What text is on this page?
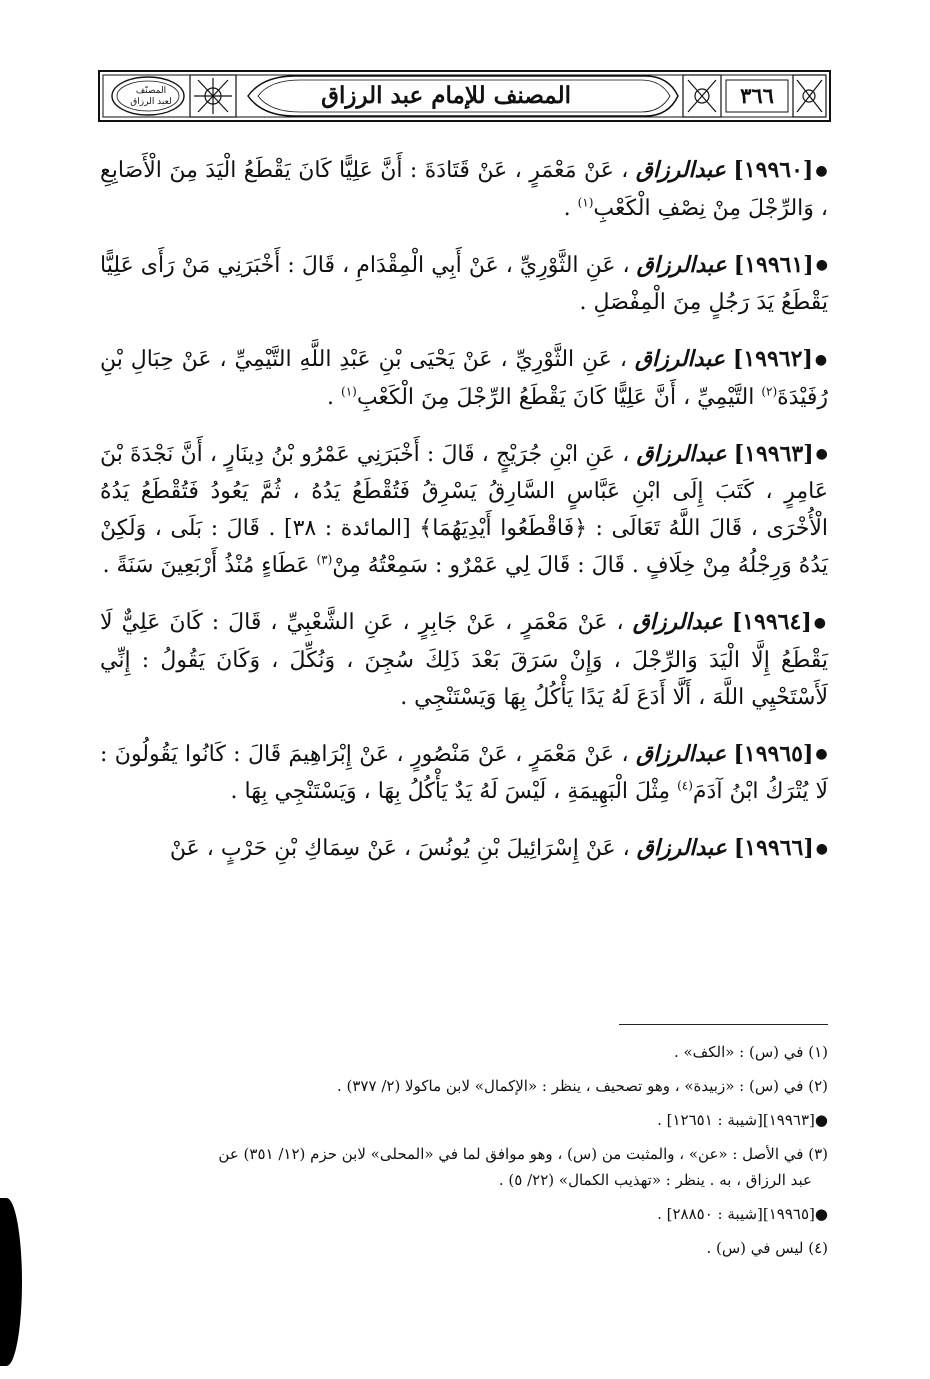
المصنّف
لعبد الرزاق	المصنف للإمام عبد الرزاق	٣٦٦

●[١٩٩٦٠] عبدالرزاق ، عَنْ مَعْمَرٍ ، عَنْ قَتَادَةَ : أَنَّ عَلِيًّا كَانَ يَقْطَعُ الْيَدَ مِنَ الْأَصَابِعِ ، وَالرِّجْلَ مِنْ نِصْفِ الْكَعْبِ$^{(١)}$ .

●[١٩٩٦١] عبدالرزاق ، عَنِ الثَّوْرِيِّ ، عَنْ أَبِي الْمِقْدَامِ ، قَالَ : أَخْبَرَنِي مَنْ رَأَى عَلِيًّا يَقْطَعُ يَدَ رَجُلٍ مِنَ الْمِفْصَلِ .

●[١٩٩٦٢] عبدالرزاق ، عَنِ الثَّوْرِيِّ ، عَنْ يَحْيَى بْنِ عَبْدِ اللَّهِ التَّيْمِيِّ ، عَنْ حِبَالِ بْنِ رُفَيْدَةَ$^{(٢)}$ التَّيْمِيِّ ، أَنَّ عَلِيًّا كَانَ يَقْطَعُ الرِّجْلَ مِنَ الْكَعْبِ$^{(١)}$ .

●[١٩٩٦٣] عبدالرزاق ، عَنِ ابْنِ جُرَيْجٍ ، قَالَ : أَخْبَرَنِي عَمْرُو بْنُ دِينَارٍ ، أَنَّ نَجْدَةَ بْنَ عَامِرٍ ، كَتَبَ إِلَى ابْنِ عَبَّاسٍ السَّارِقُ يَسْرِقُ فَتُقْطَعُ يَدُهُ ، ثُمَّ يَعُودُ فَتُقْطَعُ يَدُهُ الْأُخْرَى ، قَالَ اللَّهُ تَعَالَى : ﴿فَاقْطَعُوا أَيْدِيَهُمَا﴾ [المائدة : ٣٨] . قَالَ : بَلَى ، وَلَكِنْ يَدُهُ وَرِجْلُهُ مِنْ خِلَافٍ . قَالَ : قَالَ لِي عَمْرٌو : سَمِعْتُهُ مِنْ$^{(٣)}$ عَطَاءٍ مُنْذُ أَرْبَعِينَ سَنَةً .

●[١٩٩٦٤] عبدالرزاق ، عَنْ مَعْمَرٍ ، عَنْ جَابِرٍ ، عَنِ الشَّعْبِيِّ ، قَالَ : كَانَ عَلِيٌّ لَا يَقْطَعُ إِلَّا الْيَدَ وَالرِّجْلَ ، وَإِنْ سَرَقَ بَعْدَ ذَلِكَ سُجِنَ ، وَنُكِّلَ ، وَكَانَ يَقُولُ : إِنِّي لَأَسْتَحْيِي اللَّهَ ، أَلَّا أَدَعَ لَهُ يَدًا يَأْكُلُ بِهَا وَيَسْتَنْجِي .

●[١٩٩٦٥] عبدالرزاق ، عَنْ مَعْمَرٍ ، عَنْ مَنْصُورٍ ، عَنْ إِبْرَاهِيمَ قَالَ : كَانُوا يَقُولُونَ : لَا يُتْرَكُ ابْنُ آدَمَ$^{(٤)}$ مِثْلَ الْبَهِيمَةِ ، لَيْسَ لَهُ يَدٌ يَأْكُلُ بِهَا ، وَيَسْتَنْجِي بِهَا .

●[١٩٩٦٦] عبدالرزاق ، عَنْ إِسْرَائِيلَ بْنِ يُونُسَ ، عَنْ سِمَاكِ بْنِ حَرْبٍ ، عَنْ

(١) في (س) : «الكف» .
(٢) في (س) : «زبيدة» ، وهو تصحيف ، ينظر : «الإكمال» لابن ماكولا (٢/ ٣٧٧) .
●[١٩٩٦٣][شيبة : ١٢٦٥١] .
(٣) في الأصل : «عن» ، والمثبت من (س) ، وهو موافق لما في «المحلى» لابن حزم (١٢/ ٣٥١) عن
عبد الرزاق ، به . ينظر : «تهذيب الكمال» (٢٢/ ٥) .
●[١٩٩٦٥][شيبة : ٢٨٨٥٠] .
(٤) ليس في (س) .
